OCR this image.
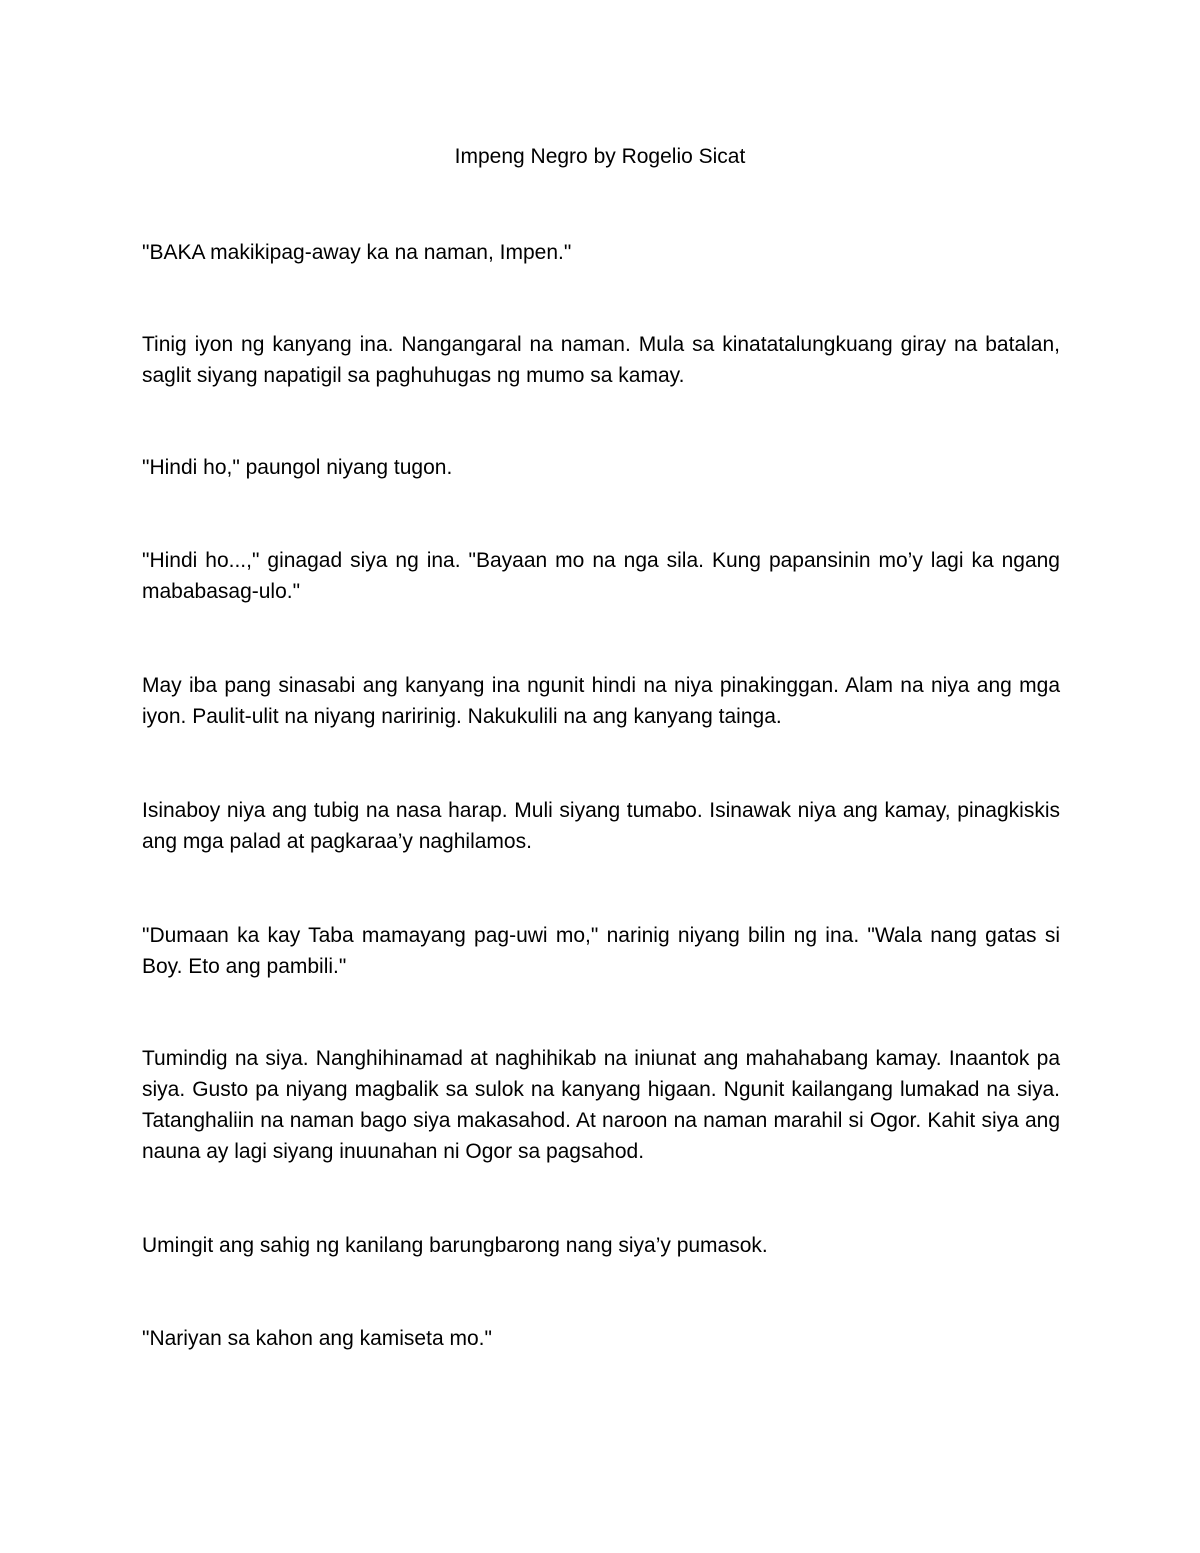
Impeng Negro by Rogelio Sicat

"BAKA makikipag-away ka na naman, Impen."

Tinig iyon ng kanyang ina. Nangangaral na naman. Mula sa kinatatalungkuang giray na batalan, saglit siyang napatigil sa paghuhugas ng mumo sa kamay.

"Hindi ho," paungol niyang tugon.

"Hindi ho...," ginagad siya ng ina. "Bayaan mo na nga sila. Kung papansinin mo’y lagi ka ngang mababasag-ulo."

May iba pang sinasabi ang kanyang ina ngunit hindi na niya pinakinggan. Alam na niya ang mga iyon. Paulit-ulit na niyang naririnig. Nakukulili na ang kanyang tainga.

Isinaboy niya ang tubig na nasa harap. Muli siyang tumabo. Isinawak niya ang kamay, pinagkiskis ang mga palad at pagkaraa’y naghilamos.

"Dumaan ka kay Taba mamayang pag-uwi mo," narinig niyang bilin ng ina. "Wala nang gatas si Boy. Eto ang pambili."

Tumindig na siya. Nanghihinamad at naghihikab na iniunat ang mahahabang kamay. Inaantok pa siya. Gusto pa niyang magbalik sa sulok na kanyang higaan. Ngunit kailangang lumakad na siya. Tatanghaliin na naman bago siya makasahod. At naroon na naman marahil si Ogor. Kahit siya ang nauna ay lagi siyang inuunahan ni Ogor sa pagsahod.

Umingit ang sahig ng kanilang barungbarong nang siya’y pumasok.

"Nariyan sa kahon ang kamiseta mo."
